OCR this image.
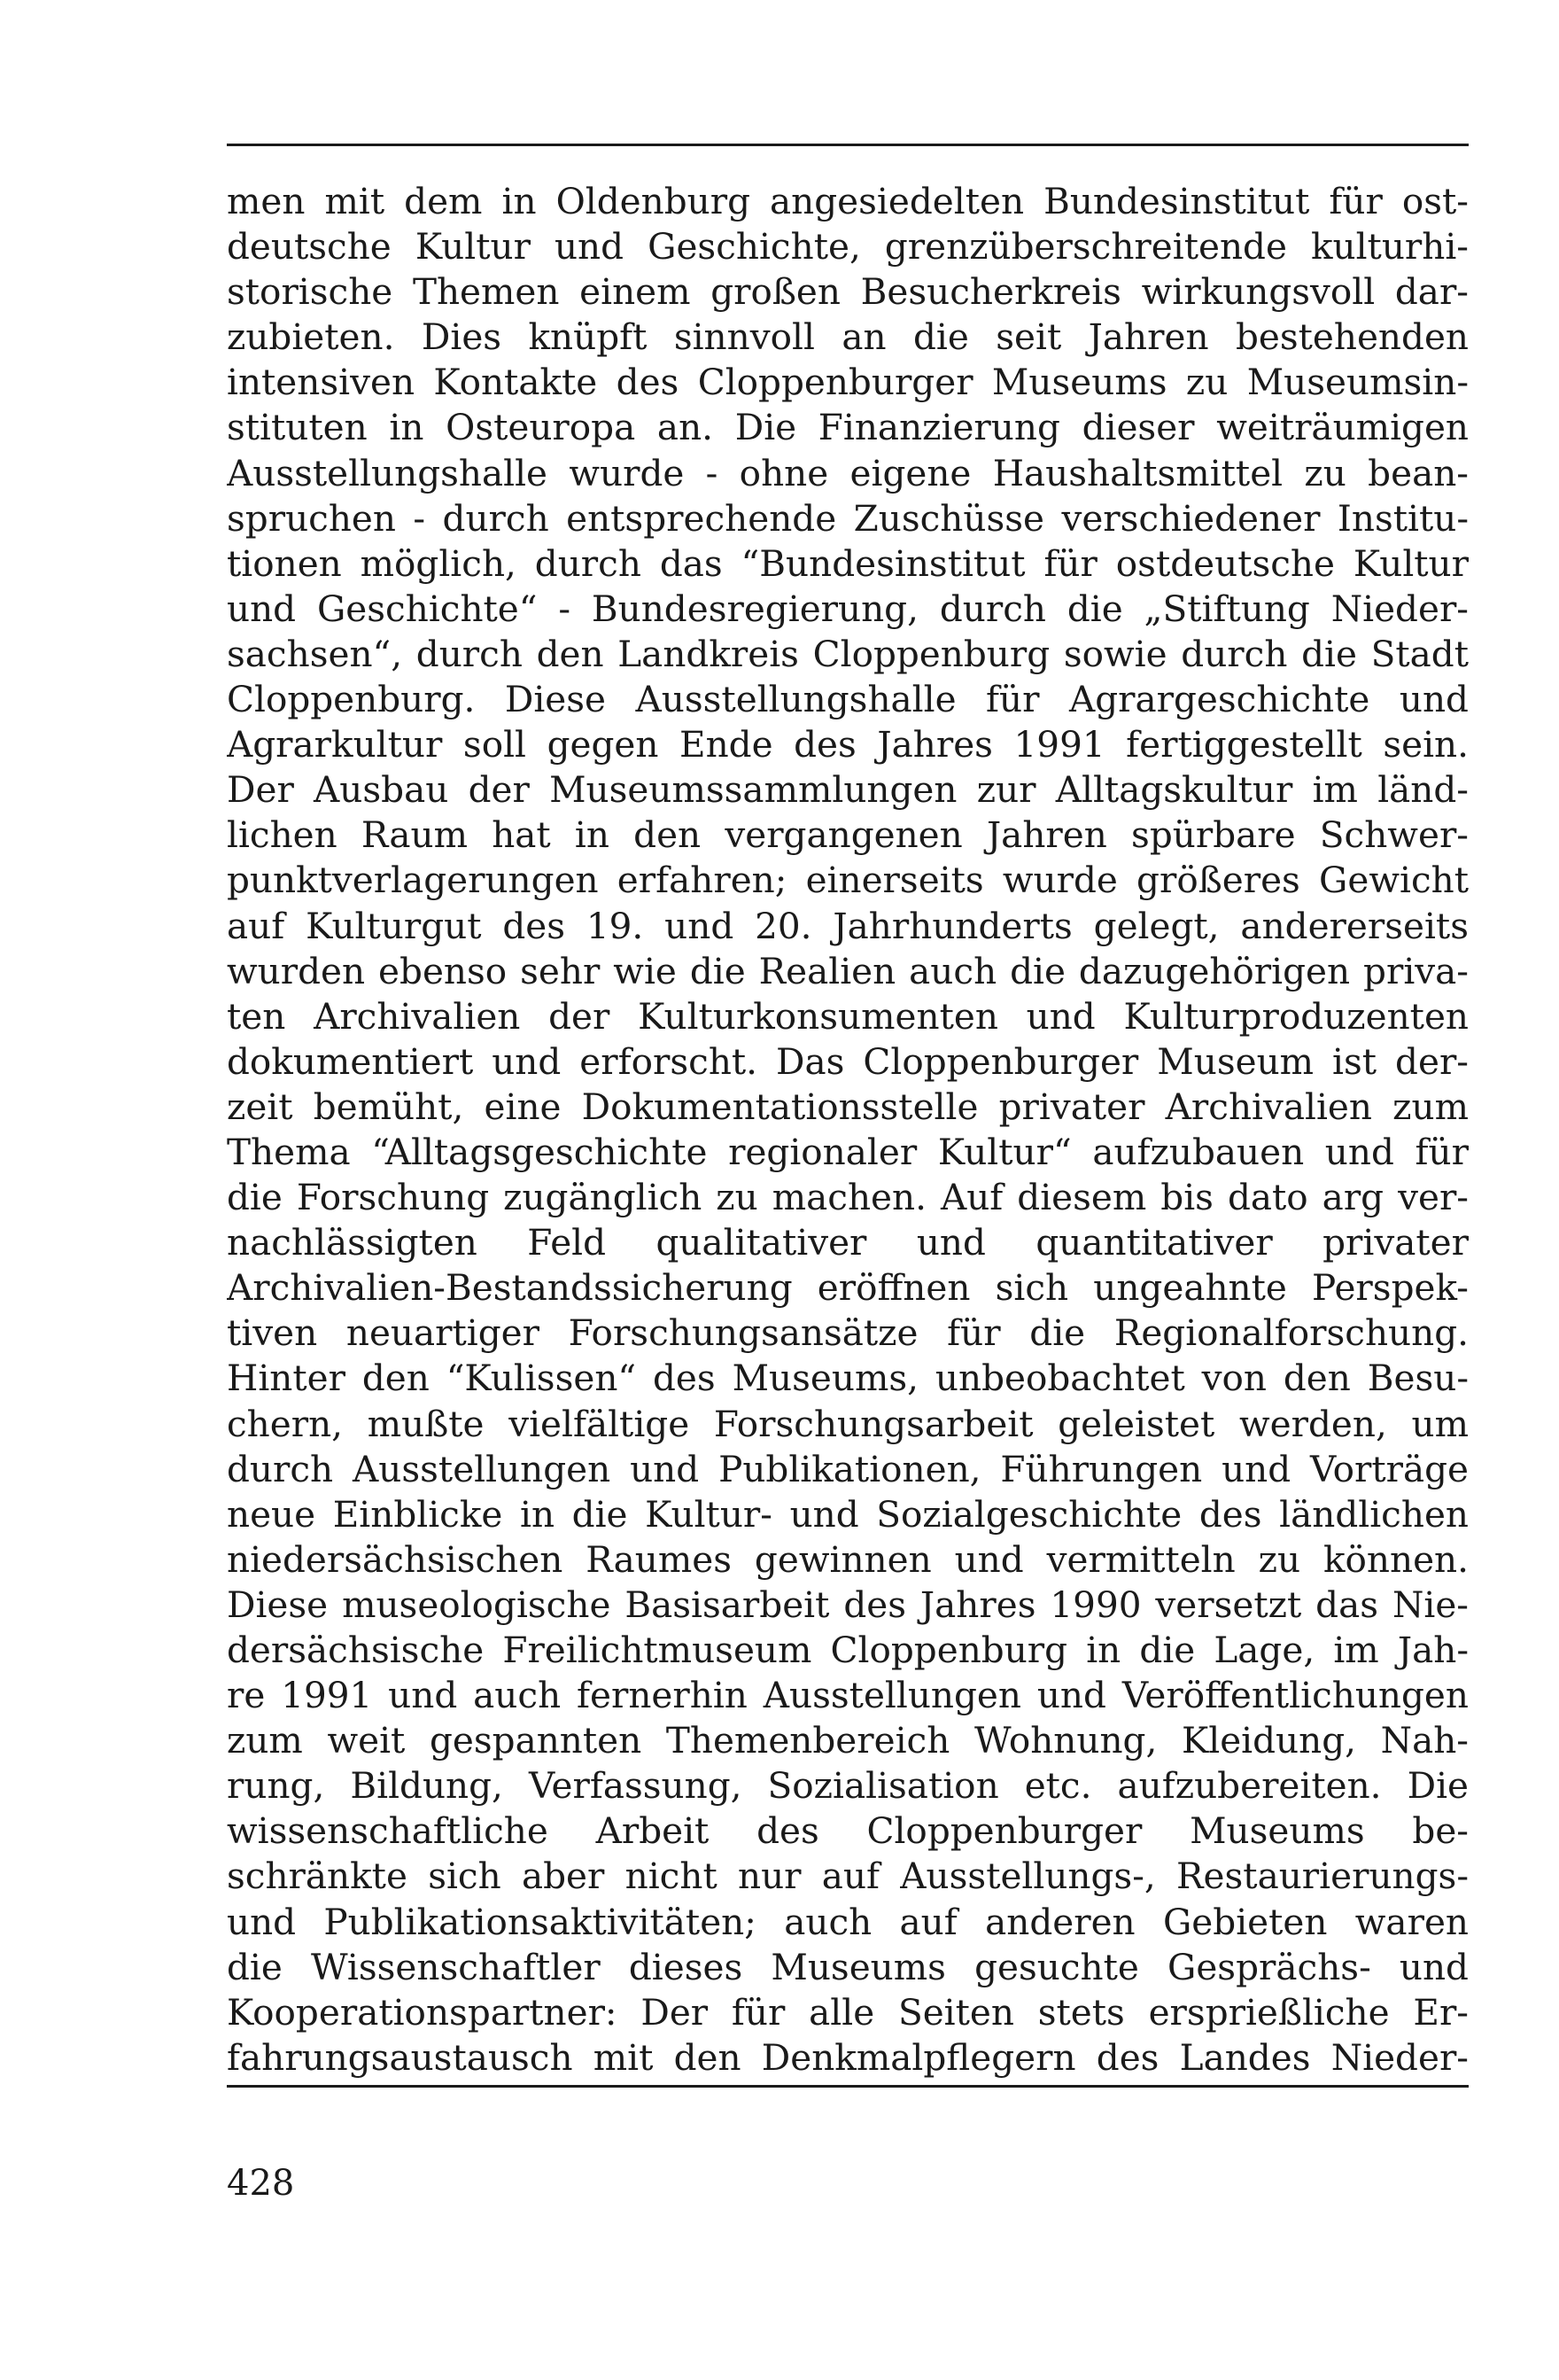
men mit dem in Oldenburg angesiedelten Bundesinstitut für ost-
deutsche Kultur und Geschichte, grenzüberschreitende kulturhi-
storische Themen einem großen Besucherkreis wirkungsvoll dar-
zubieten. Dies knüpft sinnvoll an die seit Jahren bestehenden
intensiven Kontakte des Cloppenburger Museums zu Museumsin-
stituten in Osteuropa an. Die Finanzierung dieser weiträumigen
Ausstellungshalle wurde - ohne eigene Haushaltsmittel zu bean-
spruchen - durch entsprechende Zuschüsse verschiedener Institu-
tionen möglich, durch das “Bundesinstitut für ostdeutsche Kultur
und Geschichte“ - Bundesregierung, durch die „Stiftung Nieder-
sachsen“, durch den Landkreis Cloppenburg sowie durch die Stadt
Cloppenburg. Diese Ausstellungshalle für Agrargeschichte und
Agrarkultur soll gegen Ende des Jahres 1991 fertiggestellt sein.
Der Ausbau der Museumssammlungen zur Alltagskultur im länd-
lichen Raum hat in den vergangenen Jahren spürbare Schwer-
punktverlagerungen erfahren; einerseits wurde größeres Gewicht
auf Kulturgut des 19. und 20. Jahrhunderts gelegt, andererseits
wurden ebenso sehr wie die Realien auch die dazugehörigen priva-
ten Archivalien der Kulturkonsumenten und Kulturproduzenten
dokumentiert und erforscht. Das Cloppenburger Museum ist der-
zeit bemüht, eine Dokumentationsstelle privater Archivalien zum
Thema “Alltagsgeschichte regionaler Kultur“ aufzubauen und für
die Forschung zugänglich zu machen. Auf diesem bis dato arg ver-
nachlässigten Feld qualitativer und quantitativer privater
Archivalien-Bestandssicherung eröffnen sich ungeahnte Perspek-
tiven neuartiger Forschungsansätze für die Regionalforschung.
Hinter den “Kulissen“ des Museums, unbeobachtet von den Besu-
chern, mußte vielfältige Forschungsarbeit geleistet werden, um
durch Ausstellungen und Publikationen, Führungen und Vorträge
neue Einblicke in die Kultur- und Sozialgeschichte des ländlichen
niedersächsischen Raumes gewinnen und vermitteln zu können.
Diese museologische Basisarbeit des Jahres 1990 versetzt das Nie-
dersächsische Freilichtmuseum Cloppenburg in die Lage, im Jah-
re 1991 und auch fernerhin Ausstellungen und Veröffentlichungen
zum weit gespannten Themenbereich Wohnung, Kleidung, Nah-
rung, Bildung, Verfassung, Sozialisation etc. aufzubereiten. Die
wissenschaftliche Arbeit des Cloppenburger Museums be-
schränkte sich aber nicht nur auf Ausstellungs-, Restaurierungs-
und Publikationsaktivitäten; auch auf anderen Gebieten waren
die Wissenschaftler dieses Museums gesuchte Gesprächs- und
Kooperationspartner: Der für alle Seiten stets ersprießliche Er-
fahrungsaustausch mit den Denkmalpflegern des Landes Nieder-

428
